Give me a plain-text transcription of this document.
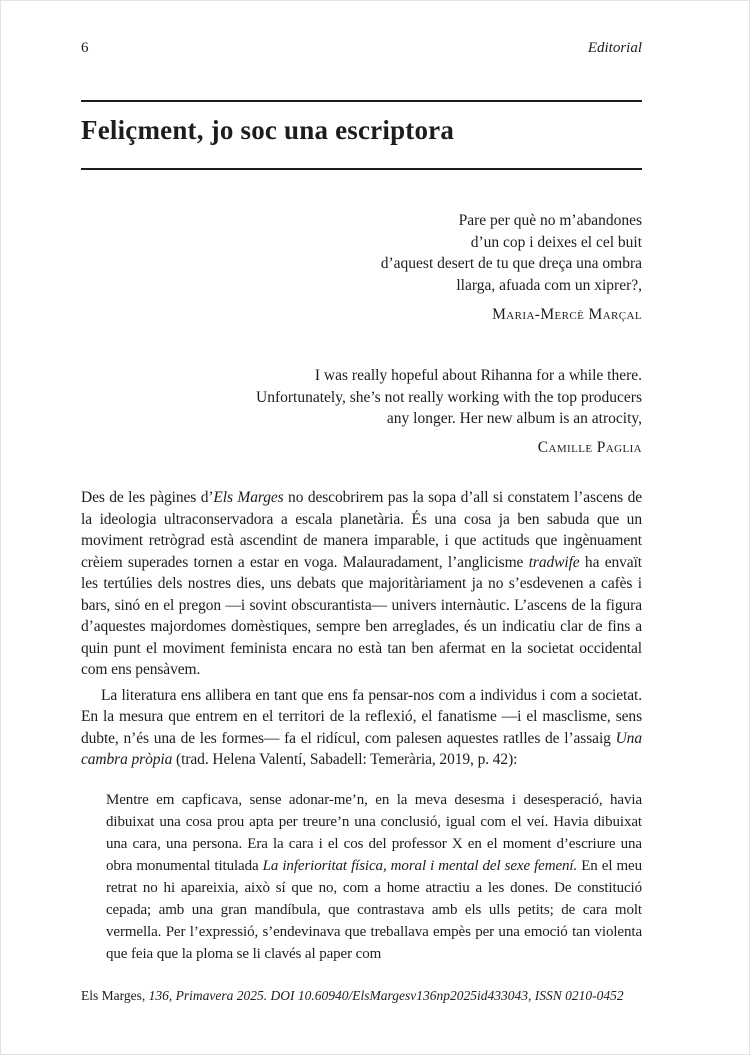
6	Editorial
Feliçment, jo soc una escriptora
Pare per què no m’abandones
d’un cop i deixes el cel buit
d’aquest desert de tu que dreça una ombra
llarga, afuada com un xiprer?,
Maria-Mercè Marçal
I was really hopeful about Rihanna for a while there.
Unfortunately, she’s not really working with the top producers
any longer. Her new album is an atrocity,
Camille Paglia

Des de les pàgines d’Els Marges no descobrirem pas la sopa d’all si constatem l’ascens de la ideologia ultraconservadora a escala planetària. És una cosa ja ben sabuda que un moviment retrògrad està ascendint de manera imparable, i que actituds que ingènuament crèiem superades tornen a estar en voga. Malauradament, l’anglicisme tradwife ha envaït les tertúlies dels nostres dies, uns debats que majoritàriament ja no s’esdevenen a cafès i bars, sinó en el pregon —i sovint obscurantista— univers internàutic. L’ascens de la figura d’aquestes majordomes domèstiques, sempre ben arreglades, és un indicatiu clar de fins a quin punt el moviment feminista encara no està tan ben afermat en la societat occidental com ens pensàvem.

La literatura ens allibera en tant que ens fa pensar-nos com a individus i com a societat. En la mesura que entrem en el territori de la reflexió, el fanatisme —i el masclisme, sens dubte, n’és una de les formes— fa el ridícul, com palesen aquestes ratlles de l’assaig Una cambra pròpia (trad. Helena Valentí, Sabadell: Temerària, 2019, p. 42):

Mentre em capficava, sense adonar-me’n, en la meva desesma i desesperació, havia dibuixat una cosa prou apta per treure’n una conclusió, igual com el veí. Havia dibuixat una cara, una persona. Era la cara i el cos del professor X en el moment d’escriure una obra monumental titulada La inferioritat física, moral i mental del sexe femení. En el meu retrat no hi apareixia, això sí que no, com a home atractiu a les dones. De constitució cepada; amb una gran mandíbula, que contrastava amb els ulls petits; de cara molt vermella. Per l’expressió, s’endevinava que treballava empès per una emoció tan violenta que feia que la ploma se li clavés al paper com
Els Marges, 136, Primavera 2025. DOI 10.60940/ElsMargesv136np2025id433043, ISSN 0210-0452
